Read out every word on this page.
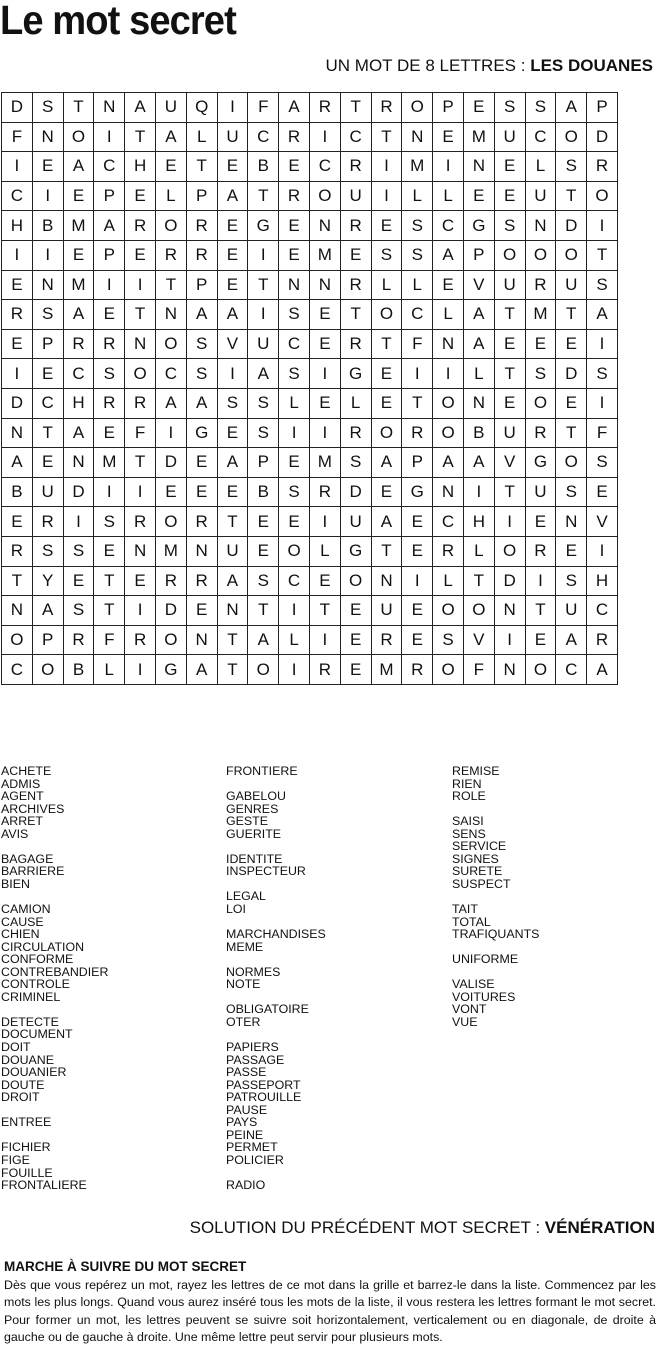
Le mot secret
UN MOT DE 8 LETTRES : LES DOUANES
D	S	T	N	A	U	Q	I	F	A	R	T	R	O	P	E	S	S	A	P
F	N	O	I	T	A	L	U	C	R	I	C	T	N	E	M	U	C	O	D
I	E	A	C	H	E	T	E	B	E	C	R	I	M	I	N	E	L	S	R
C	I	E	P	E	L	P	A	T	R	O	U	I	L	L	E	E	U	T	O
H	B	M	A	R	O	R	E	G	E	N	R	E	S	C	G	S	N	D	I
I	I	E	P	E	R	R	E	I	E	M	E	S	S	A	P	O	O	O	T
E	N	M	I	I	T	P	E	T	N	N	R	L	L	E	V	U	R	U	S
R	S	A	E	T	N	A	A	I	S	E	T	O	C	L	A	T	M	T	A
E	P	R	R	N	O	S	V	U	C	E	R	T	F	N	A	E	E	E	I
I	E	C	S	O	C	S	I	A	S	I	G	E	I	I	L	T	S	D	S
D	C	H	R	R	A	A	S	S	L	E	L	E	T	O	N	E	O	E	I
N	T	A	E	F	I	G	E	S	I	I	R	O	R	O	B	U	R	T	F
A	E	N	M	T	D	E	A	P	E	M	S	A	P	A	A	V	G	O	S
B	U	D	I	I	E	E	E	B	S	R	D	E	G	N	I	T	U	S	E
E	R	I	S	R	O	R	T	E	E	I	U	A	E	C	H	I	E	N	V
R	S	S	E	N	M	N	U	E	O	L	G	T	E	R	L	O	R	E	I
T	Y	E	T	E	R	R	A	S	C	E	O	N	I	L	T	D	I	S	H
N	A	S	T	I	D	E	N	T	I	T	E	U	E	O	O	N	T	U	C
O	P	R	F	R	O	N	T	A	L	I	E	R	E	S	V	I	E	A	R
C	O	B	L	I	G	A	T	O	I	R	E	M	R	O	F	N	O	C	A
ACHETE
ADMIS
AGENT
ARCHIVES
ARRET
AVIS
BAGAGE
BARRIERE
BIEN
CAMION
CAUSE
CHIEN
CIRCULATION
CONFORME
CONTREBANDIER
CONTROLE
CRIMINEL
DETECTE
DOCUMENT
DOIT
DOUANE
DOUANIER
DOUTE
DROIT
ENTREE
FICHIER
FIGE
FOUILLE
FRONTALIERE
FRONTIERE
GABELOU
GENRES
GESTE
GUERITE
IDENTITE
INSPECTEUR
LEGAL
LOI
MARCHANDISES
MEME
NORMES
NOTE
OBLIGATOIRE
OTER
PAPIERS
PASSAGE
PASSE
PASSEPORT
PATROUILLE
PAUSE
PAYS
PEINE
PERMET
POLICIER
RADIO
REMISE
RIEN
ROLE
SAISI
SENS
SERVICE
SIGNES
SURETE
SUSPECT
TAIT
TOTAL
TRAFIQUANTS
UNIFORME
VALISE
VOITURES
VONT
VUE
SOLUTION DU PRÉCÉDENT MOT SECRET : VÉNÉRATION
MARCHE À SUIVRE DU MOT SECRET
Dès que vous repérez un mot, rayez les lettres de ce mot dans la grille et barrez-le dans la liste. Commencez par les mots les plus longs. Quand vous aurez inséré tous les mots de la liste, il vous restera les lettres formant le mot secret. Pour former un mot, les lettres peuvent se suivre soit horizontalement, verticalement ou en diagonale, de droite à gauche ou de gauche à droite. Une même lettre peut servir pour plusieurs mots.
